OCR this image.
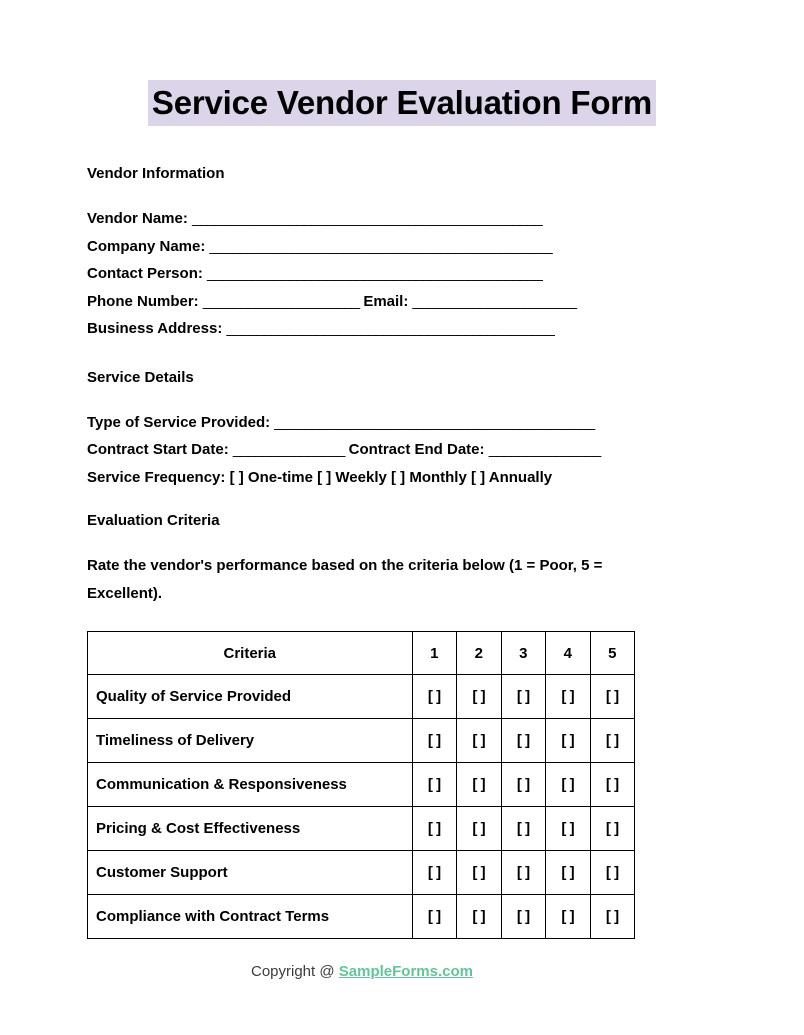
Service Vendor Evaluation Form
Vendor Information
Vendor Name: _______________________________________________
Company Name: ______________________________________________
Contact Person: _____________________________________________
Phone Number: _____________________ Email: ______________________
Business Address: ____________________________________________
Service Details
Type of Service Provided: ___________________________________________
Contract Start Date: _______________ Contract End Date: _______________
Service Frequency: [ ] One-time [ ] Weekly [ ] Monthly [ ] Annually
Evaluation Criteria

Rate the vendor's performance based on the criteria below (1 = Poor, 5 = Excellent).

Criteria	1	2	3	4	5
Quality of Service Provided	[ ]	[ ]	[ ]	[ ]	[ ]
Timeliness of Delivery	[ ]	[ ]	[ ]	[ ]	[ ]
Communication & Responsiveness	[ ]	[ ]	[ ]	[ ]	[ ]
Pricing & Cost Effectiveness	[ ]	[ ]	[ ]	[ ]	[ ]
Customer Support	[ ]	[ ]	[ ]	[ ]	[ ]
Compliance with Contract Terms	[ ]	[ ]	[ ]	[ ]	[ ]
Copyright @ SampleForms.com
